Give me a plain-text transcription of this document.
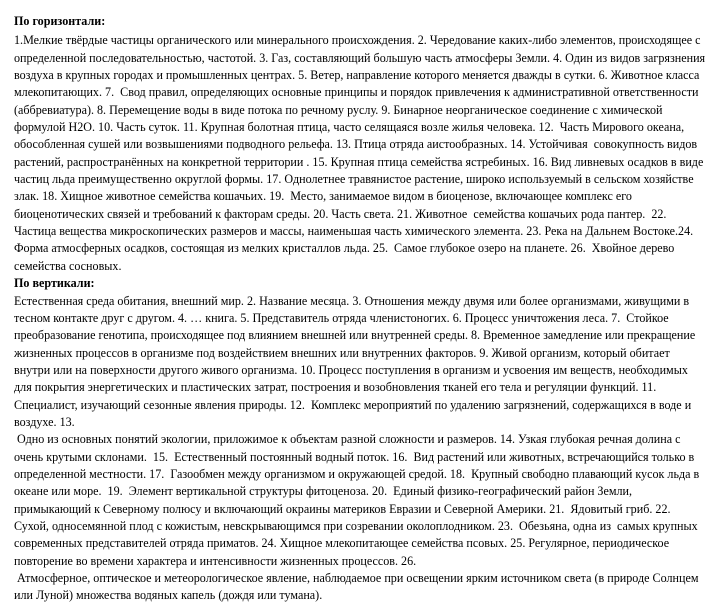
По горизонтали:

1.Мелкие твёрдые частицы органического или минерального происхождения. 2. Чередование каких-либо элементов, происходящее с определенной последовательностью, частотой. 3. Газ, составляющий большую часть атмосферы Земли. 4. Один из видов загрязнения воздуха в крупных городах и промышленных центрах. 5. Ветер, направление которого меняется дважды в сутки. 6. Животное класса млекопитающих. 7.  Свод правил, определяющих основные принципы и порядок привлечения к административной ответственности (аббревиатура). 8. Перемещение воды в виде потока по речному руслу. 9. Бинарное неорганическое соединение с химической формулой Н2О. 10. Часть суток. 11. Крупная болотная птица, часто селящаяся возле жилья человека. 12.  Часть Мирового океана, обособленная сушей или возвышениями подводного рельефа. 13. Птица отряда аистообразных. 14. Устойчивая  совокупность видов растений, распространённых на конкретной территории . 15. Крупная птица семейства ястребиных. 16. Вид ливневых осадков в виде частиц льда преимущественно округлой формы. 17. Однолетнее травянистое растение, широко используемый в сельском хозяйстве злак. 18. Хищное животное семейства кошачьих. 19.  Место, занимаемое видом в биоценозе, включающее комплекс его биоценотических связей и требований к факторам среды. 20. Часть света. 21. Животное  семейства кошачьих рода пантер.  22. Частица вещества микроскопических размеров и массы, наименьшая часть химического элемента. 23. Река на Дальнем Востоке.24. Форма атмосферных осадков, состоящая из мелких кристаллов льда. 25.  Самое глубокое озеро на планете. 26.  Хвойное дерево семейства сосновых.

По вертикали:

Естественная среда обитания, внешний мир. 2. Название месяца. 3. Отношения между двумя или более организмами, живущими в тесном контакте друг с другом. 4. … книга. 5. Представитель отряда членистоногих. 6. Процесс уничтожения леса. 7.  Стойкое преобразование генотипа, происходящее под влиянием внешней или внутренней среды. 8. Временное замедление или прекращение жизненных процессов в организме под воздействием внешних или внутренних факторов. 9. Живой организм, который обитает внутри или на поверхности другого живого организма. 10. Процесс поступления в организм и усвоения им веществ, необходимых для покрытия энергетических и пластических затрат, построения и возобновления тканей его тела и регуляции функций. 11.  Специалист, изучающий сезонные явления природы. 12.  Комплекс мероприятий по удалению загрязнений, содержащихся в воде и воздухе. 13.
Одно из основных понятий экологии, приложимое к объектам разной сложности и размеров. 14. Узкая глубокая речная долина с очень крутыми склонами.  15.  Естественный постоянный водный поток. 16.  Вид растений или животных, встречающийся только в определенной местности. 17.  Газообмен между организмом и окружающей средой. 18.  Крупный свободно плавающий кусок льда в океане или море.  19.  Элемент вертикальной структуры фитоценоза. 20.  Единый физико-географический район Земли, примыкающий к Северному полюсу и включающий окраины материков Евразии и Северной Америки. 21.  Ядовитый гриб. 22. Сухой, односемянной плод с кожистым, невскрывающимся при созревании околоплодником. 23.  Обезьяна, одна из  самых крупных современных представителей отряда приматов. 24. Хищное млекопитающее семейства псовых. 25. Регулярное, периодическое повторение во времени характера и интенсивности жизненных процессов. 26.
Атмосферное, оптическое и метеорологическое явление, наблюдаемое при освещении ярким источником света (в природе Солнцем или Луной) множества водяных капель (дождя или тумана).
